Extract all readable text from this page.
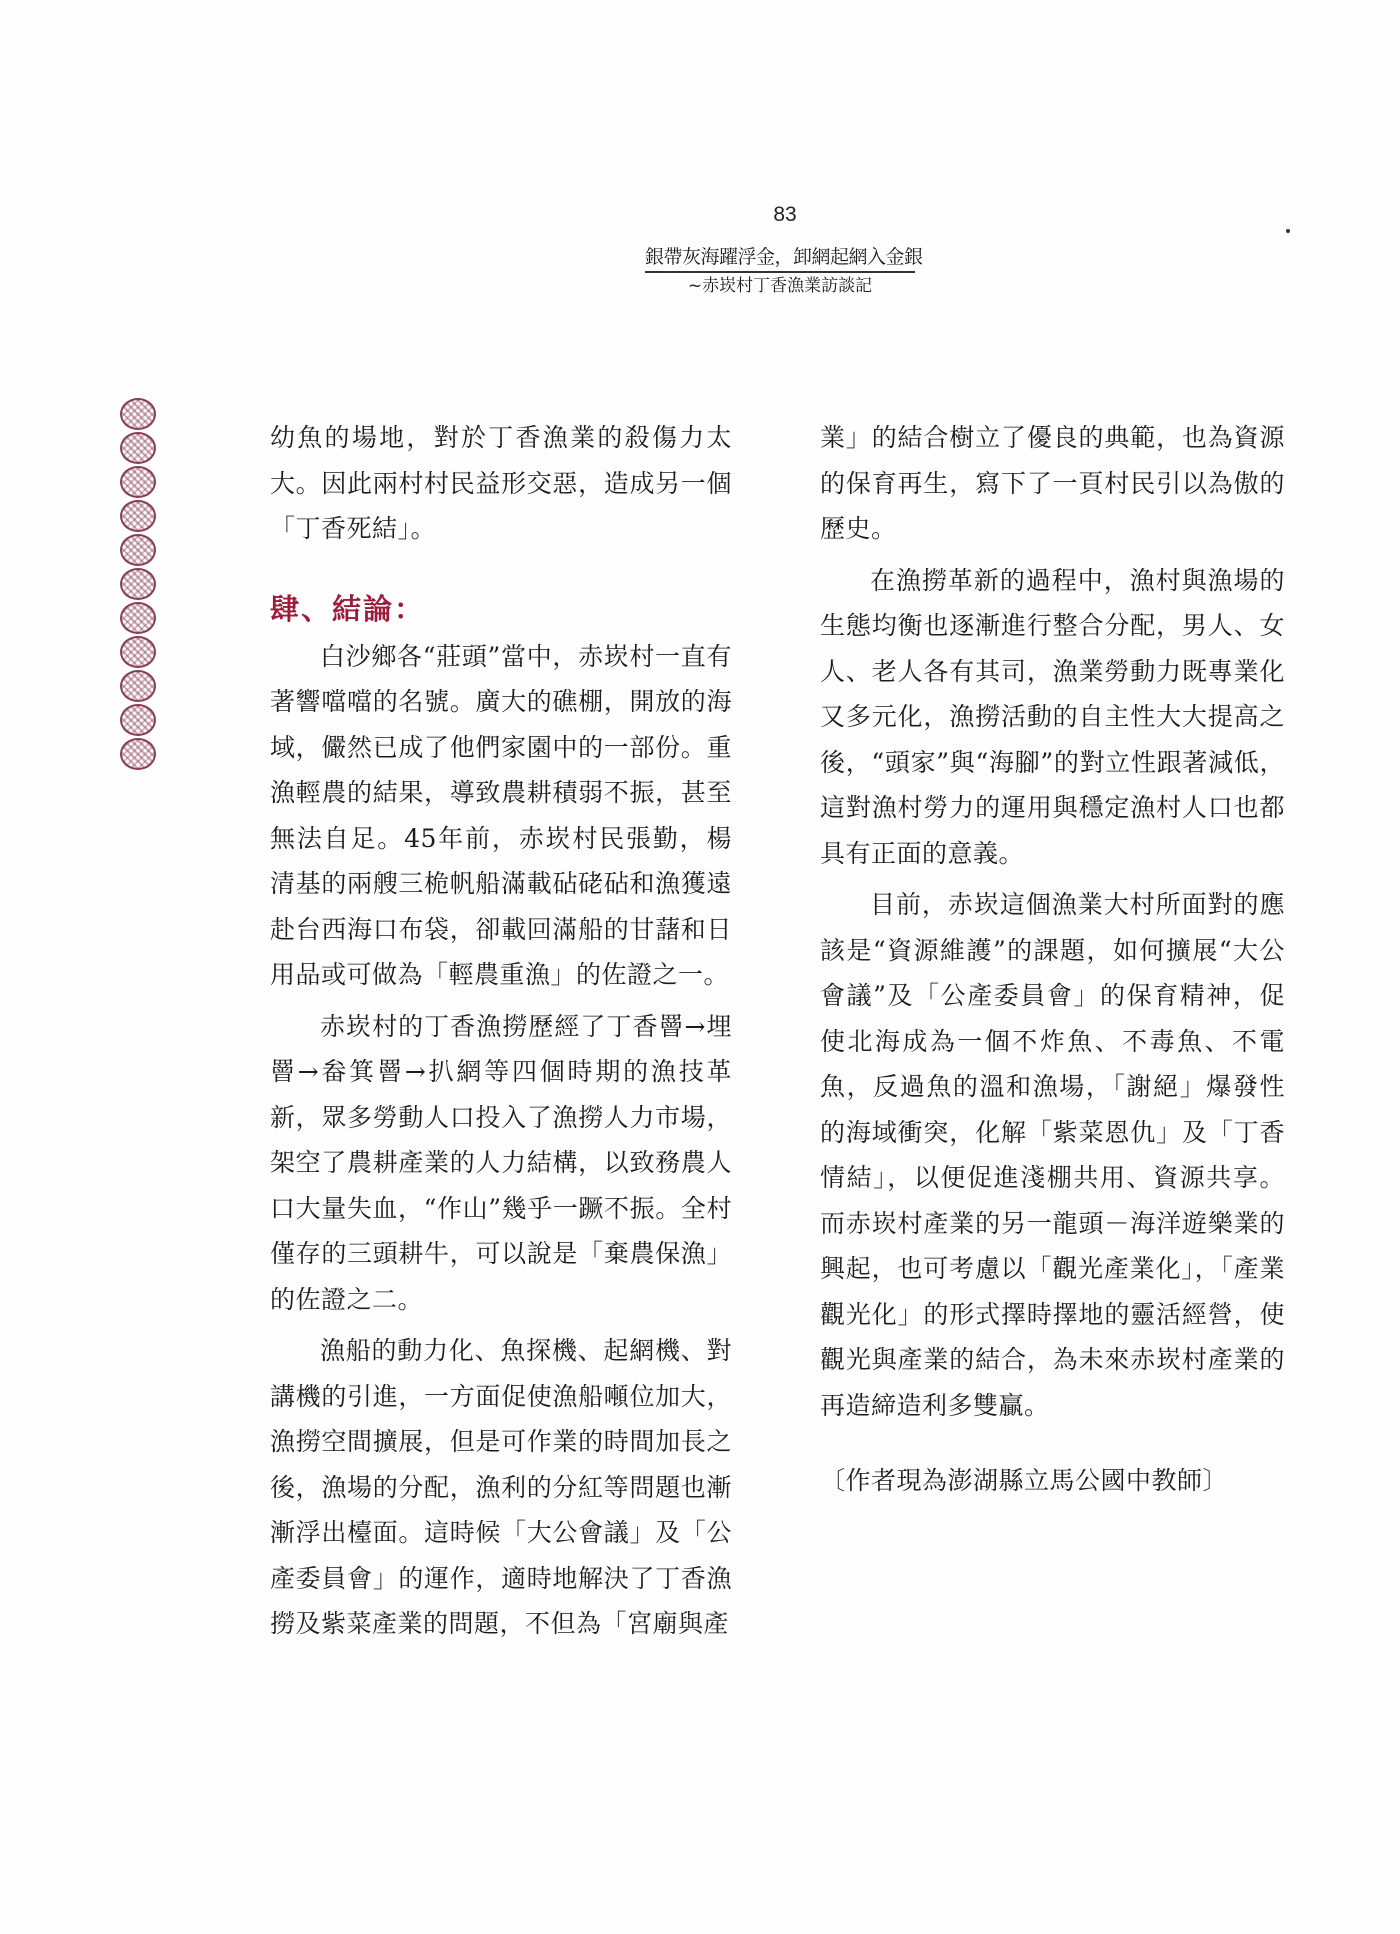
83
銀帶灰海躍浮金，卸網起網入金銀
~赤崁村丁香漁業訪談記

幼魚的場地，對於丁香漁業的殺傷力太大。因此兩村村民益形交惡，造成另一個「丁香死結」。

肆、結論：

白沙鄉各“莊頭”當中，赤崁村一直有著響噹噹的名號。廣大的礁棚，開放的海域，儼然已成了他們家園中的一部份。重漁輕農的結果，導致農耕積弱不振，甚至無法自足。45年前，赤崁村民張勤，楊清基的兩艘三桅帆船滿載砧硓砧和漁獲遠赴台西海口布袋，卻載回滿船的甘藷和日用品或可做為「輕農重漁」的佐證之一。

赤崁村的丁香漁撈歷經了丁香罾→埋罾→畚箕罾→扒網等四個時期的漁技革新，眾多勞動人口投入了漁撈人力市場，架空了農耕產業的人力結構，以致務農人口大量失血，“作山”幾乎一蹶不振。全村僅存的三頭耕牛，可以說是「棄農保漁」的佐證之二。

漁船的動力化、魚探機、起網機、對講機的引進，一方面促使漁船噸位加大，漁撈空間擴展，但是可作業的時間加長之後，漁場的分配，漁利的分紅等問題也漸漸浮出檯面。這時候「大公會議」及「公產委員會」的運作，適時地解決了丁香漁撈及紫菜產業的問題，不但為「宮廟與產

業」的結合樹立了優良的典範，也為資源的保育再生，寫下了一頁村民引以為傲的歷史。

在漁撈革新的過程中，漁村與漁場的生態均衡也逐漸進行整合分配，男人、女人、老人各有其司，漁業勞動力既專業化又多元化，漁撈活動的自主性大大提高之後，“頭家”與“海腳”的對立性跟著減低，這對漁村勞力的運用與穩定漁村人口也都具有正面的意義。

目前，赤崁這個漁業大村所面對的應該是“資源維護”的課題，如何擴展“大公會議”及「公產委員會」的保育精神，促使北海成為一個不炸魚、不毒魚、不電魚，反過魚的溫和漁場，「謝絕」爆發性的海域衝突，化解「紫菜恩仇」及「丁香情結」，以便促進淺棚共用、資源共享。而赤崁村產業的另一龍頭－海洋遊樂業的興起，也可考慮以「觀光產業化」，「產業觀光化」的形式擇時擇地的靈活經營，使觀光與產業的結合，為未來赤崁村產業的再造締造利多雙贏。

〔作者現為澎湖縣立馬公國中教師〕
